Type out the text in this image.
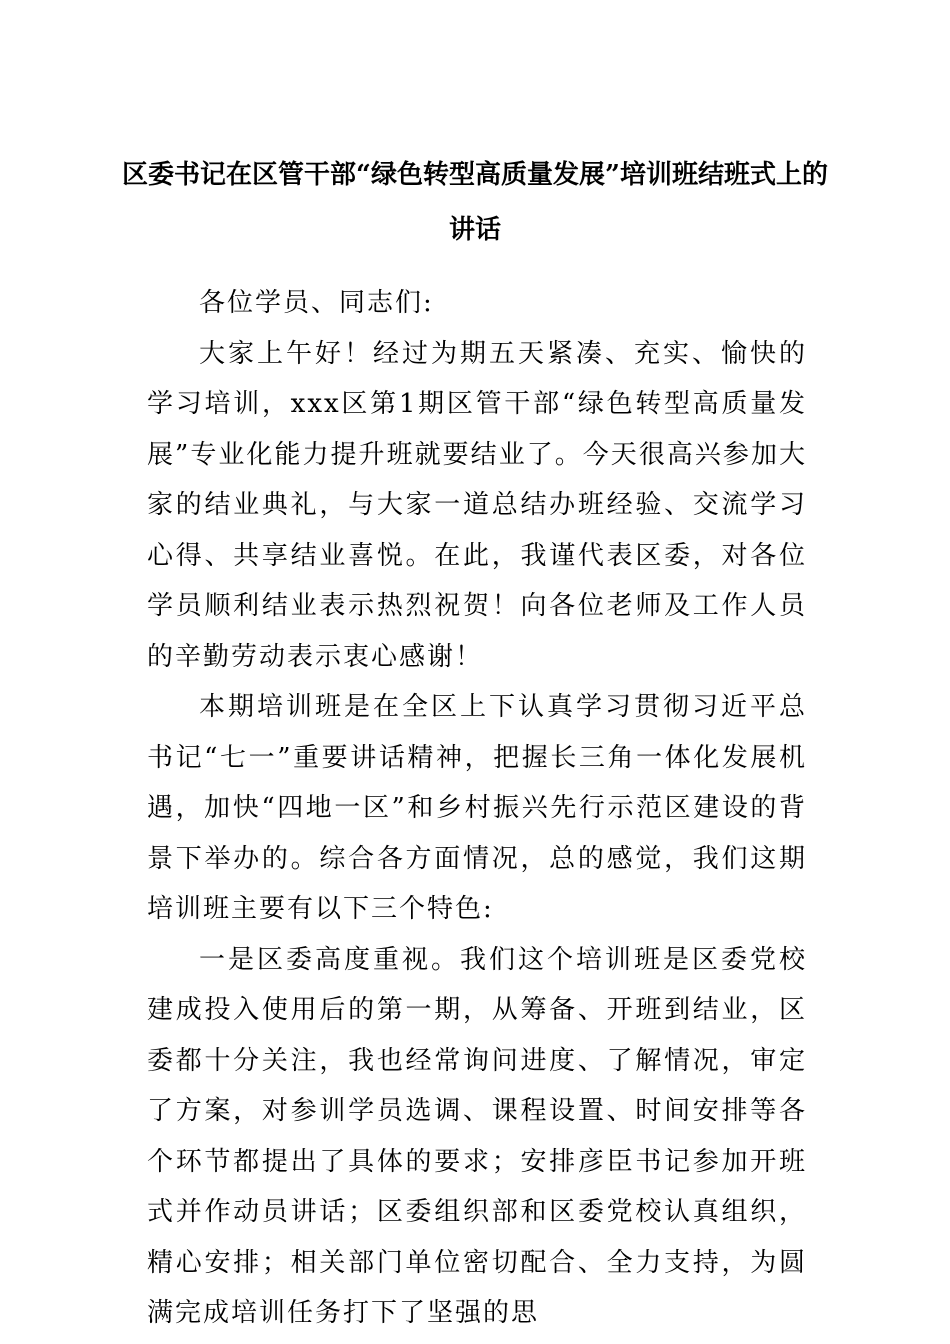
区委书记在区管干部“绿色转型高质量发展”培训班结班式上的讲话

各位学员、同志们:

大家上午好！经过为期五天紧凑、充实、愉快的学习培训，xxx区第1期区管干部“绿色转型高质量发展”专业化能力提升班就要结业了。今天很高兴参加大家的结业典礼，与大家一道总结办班经验、交流学习心得、共享结业喜悦。在此，我谨代表区委，对各位学员顺利结业表示热烈祝贺！向各位老师及工作人员的辛勤劳动表示衷心感谢！

本期培训班是在全区上下认真学习贯彻习近平总书记“七一”重要讲话精神，把握长三角一体化发展机遇，加快“四地一区”和乡村振兴先行示范区建设的背景下举办的。综合各方面情况，总的感觉，我们这期培训班主要有以下三个特色:

一是区委高度重视。我们这个培训班是区委党校建成投入使用后的第一期，从筹备、开班到结业，区委都十分关注，我也经常询问进度、了解情况，审定了方案，对参训学员选调、课程设置、时间安排等各个环节都提出了具体的要求；安排彦臣书记参加开班式并作动员讲话；区委组织部和区委党校认真组织，精心安排；相关部门单位密切配合、全力支持，为圆满完成培训任务打下了坚强的思
